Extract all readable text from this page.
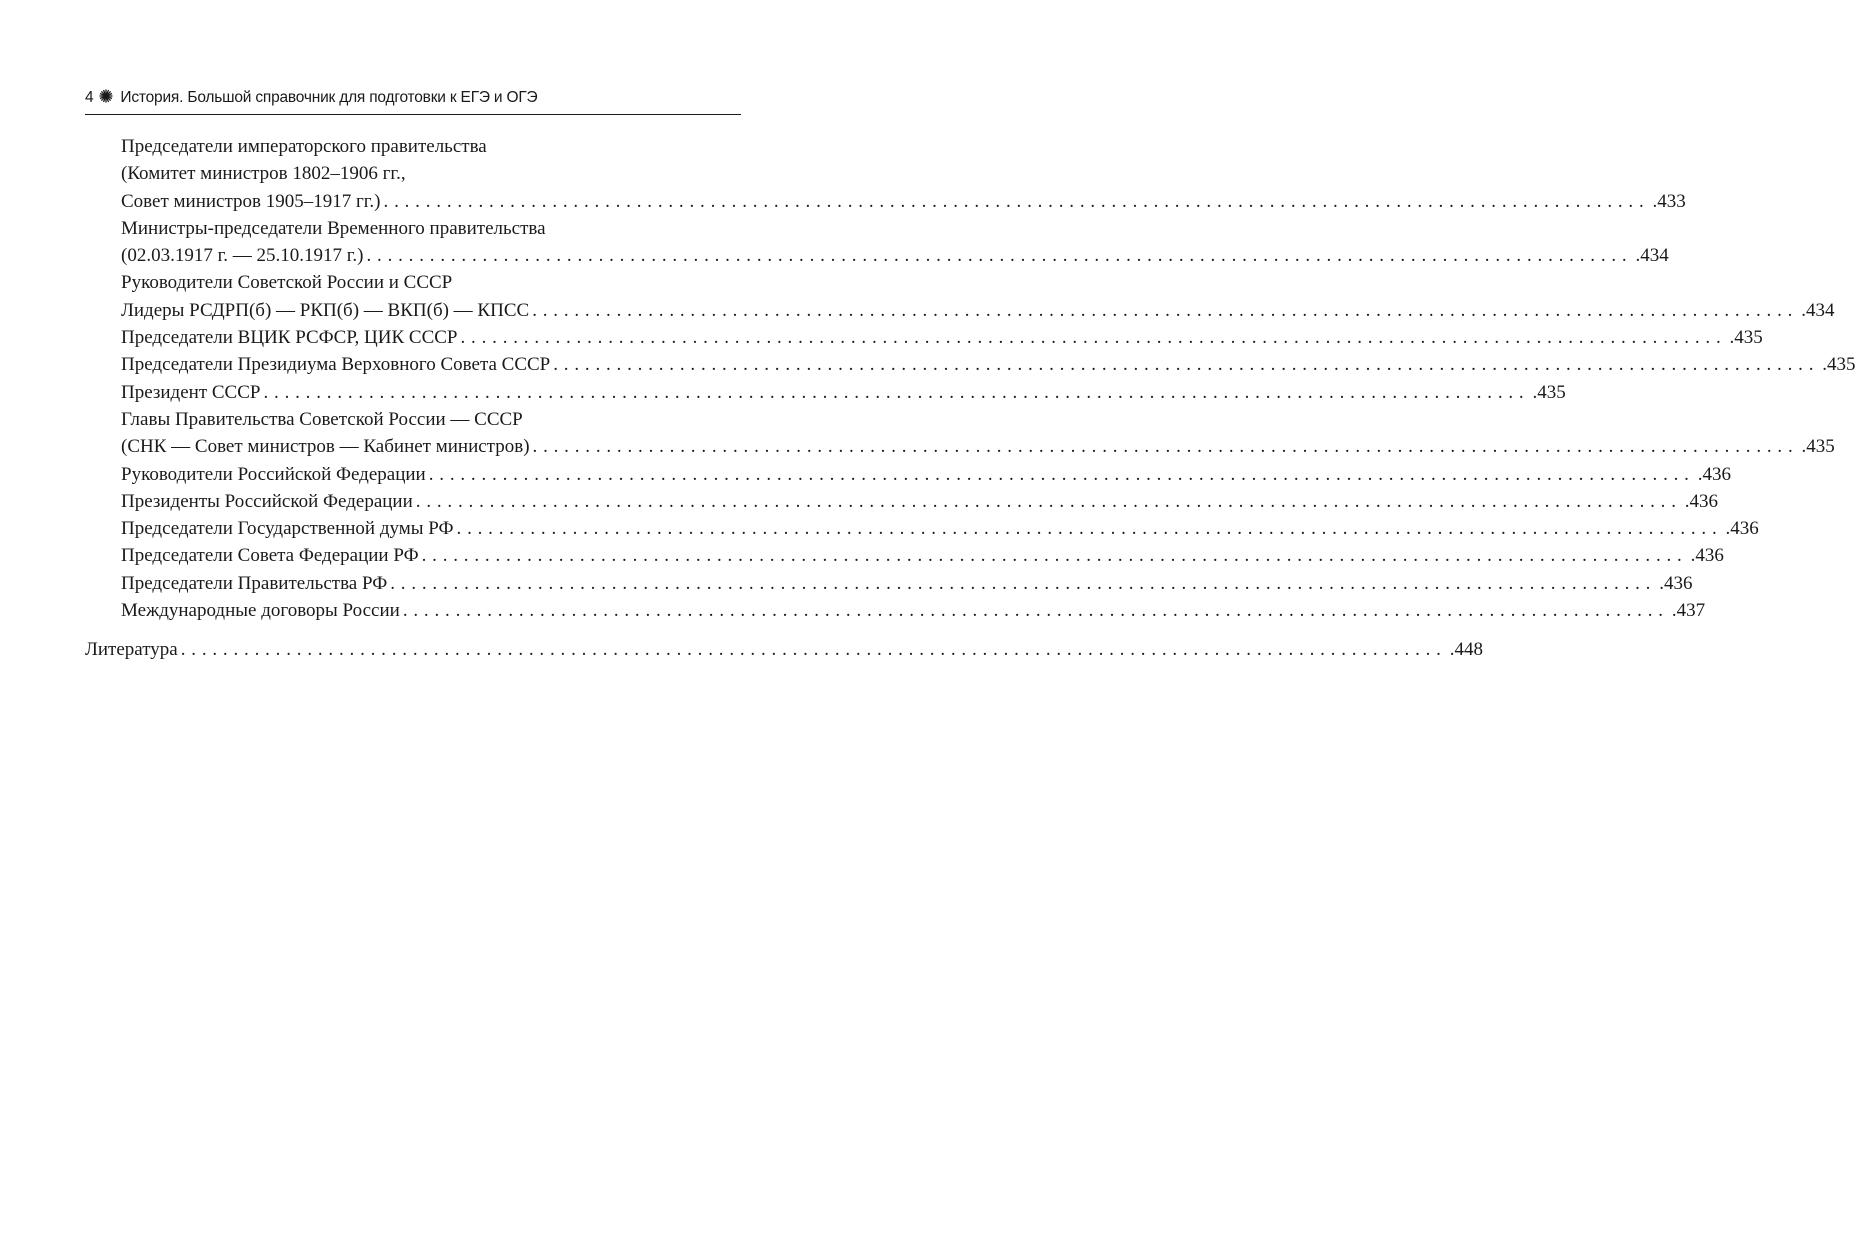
4 История. Большой справочник для подготовки к ЕГЭ и ОГЭ
Председатели императорского правительства
(Комитет министров 1802–1906 гг.,
Совет министров 1905–1917 гг.) ........................................................................................................................ .433
Министры-председатели Временного правительства
(02.03.1917 г. — 25.10.1917 г.) ........................................................................................................................ .434
Руководители Советской России и СССР
Лидеры РСДРП(б) — РКП(б) — ВКП(б) — КПСС ........................................................................................................................ .434
Председатели ВЦИК РСФСР, ЦИК СССР ........................................................................................................................ .435
Председатели Президиума Верховного Совета СССР ........................................................................................................................ .435
Президент СССР ........................................................................................................................ .435
Главы Правительства Советской России — СССР
(СНК — Совет министров — Кабинет министров) ........................................................................................................................ .435
Руководители Российской Федерации ........................................................................................................................ .436
Президенты Российской Федерации ........................................................................................................................ .436
Председатели Государственной думы РФ ........................................................................................................................ .436
Председатели Совета Федерации РФ ........................................................................................................................ .436
Председатели Правительства РФ ........................................................................................................................ .436
Международные договоры России ........................................................................................................................ .437
Литература ........................................................................................................................ .448
